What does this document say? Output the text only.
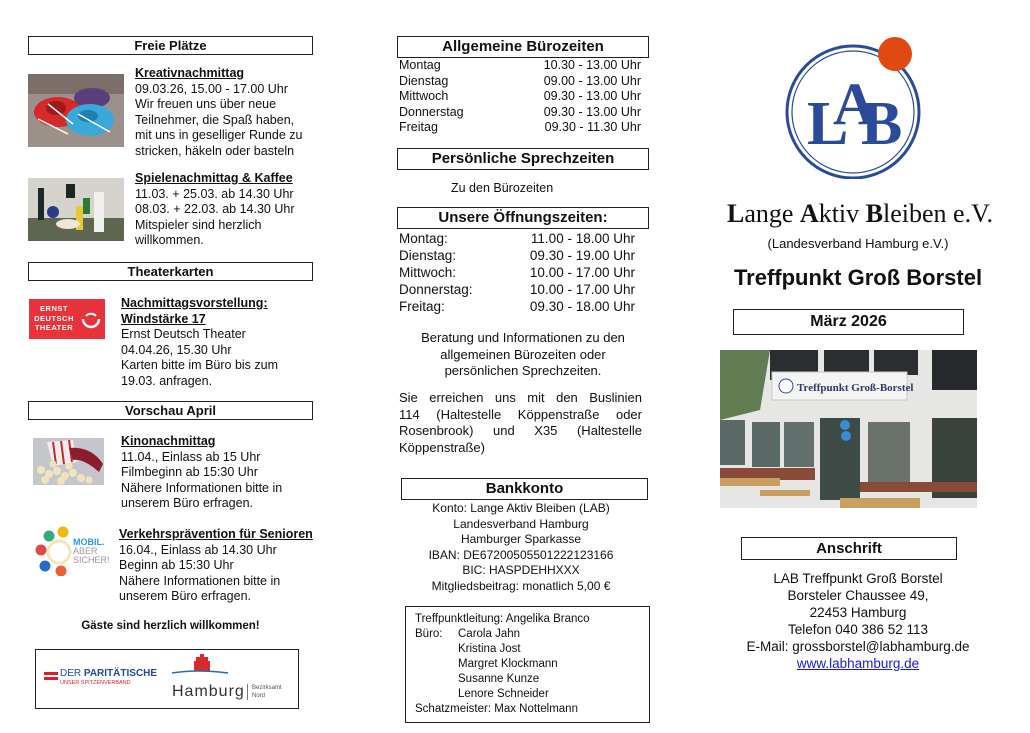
Freie Plätze
Kreativnachmittag
09.03.26, 15.00 - 17.00 Uhr
Wir freuen uns über neue
Teilnehmer, die Spaß haben,
mit uns in geselliger Runde zu
stricken, häkeln oder basteln
Spielenachmittag & Kaffee
11.03. + 25.03. ab 14.30 Uhr
08.03. + 22.03. ab 14.30 Uhr
Mitspieler sind herzlich
willkommen.
Theaterkarten
ERNST
DEUTSCH
THEATER
Nachmittagsvorstellung:
Windstärke 17
Ernst Deutsch Theater
04.04.26, 15.30 Uhr
Karten bitte im Büro bis zum
19.03. anfragen.
Vorschau April
Kinonachmittag
11.04., Einlass ab 15 Uhr
Filmbeginn ab 15:30 Uhr
Nähere Informationen bitte in
unserem Büro erfragen.
MOBIL.
ABER
SICHER!
Verkehrsprävention für Senioren
16.04., Einlass ab 14.30 Uhr
Beginn ab 15:30 Uhr
Nähere Informationen bitte in
unserem Büro erfragen.
Gäste sind herzlich willkommen!
DER PARITÄTISCHE
UNSER SPITZENVERBAND	Hamburg Bezirksamt
Nord
Allgemeine Bürozeiten
Montag	10.30 - 13.00 Uhr
Dienstag	09.00 - 13.00 Uhr
Mittwoch	09.30 - 13.00 Uhr
Donnerstag	09.30 - 13.00 Uhr
Freitag	09.30 - 11.30 Uhr
Persönliche Sprechzeiten
Zu den Bürozeiten
Unsere Öffnungszeiten:
Montag:	11.00 - 18.00 Uhr
Dienstag:	09.30 - 19.00 Uhr
Mittwoch:	10.00 - 17.00 Uhr
Donnerstag:	10.00 - 17.00 Uhr
Freitag:	09.30 - 18.00 Uhr
Beratung und Informationen zu den
allgemeinen Bürozeiten oder
persönlichen Sprechzeiten.
Sie erreichen uns mit den Buslinien
114 (Haltestelle Köppenstraße oder
Rosenbrook) und X35 (Haltestelle
Köppenstraße)
Bankkonto
Konto: Lange Aktiv Bleiben (LAB)
Landesverband Hamburg
Hamburger Sparkasse
IBAN: DE67200505501222123166
BIC: HASPDEHHXXX
Mitgliedsbeitrag: monatlich 5,00 €
Treffpunktleitung: Angelika Branco
Büro:	Carola Jahn
Kristina Jost
Margret Klockmann
Susanne Kunze
Lenore Schneider
Schatzmeister: Max Nottelmann
L
A
B
Lange Aktiv Bleiben e.V.
(Landesverband Hamburg e.V.)
Treffpunkt Groß Borstel
März 2026
Treffpunkt Groß-Borstel
Anschrift
LAB Treffpunkt Groß Borstel
Borsteler Chaussee 49,
22453 Hamburg
Telefon 040 386 52 113
E-Mail: grossborstel@labhamburg.de
www.labhamburg.de
